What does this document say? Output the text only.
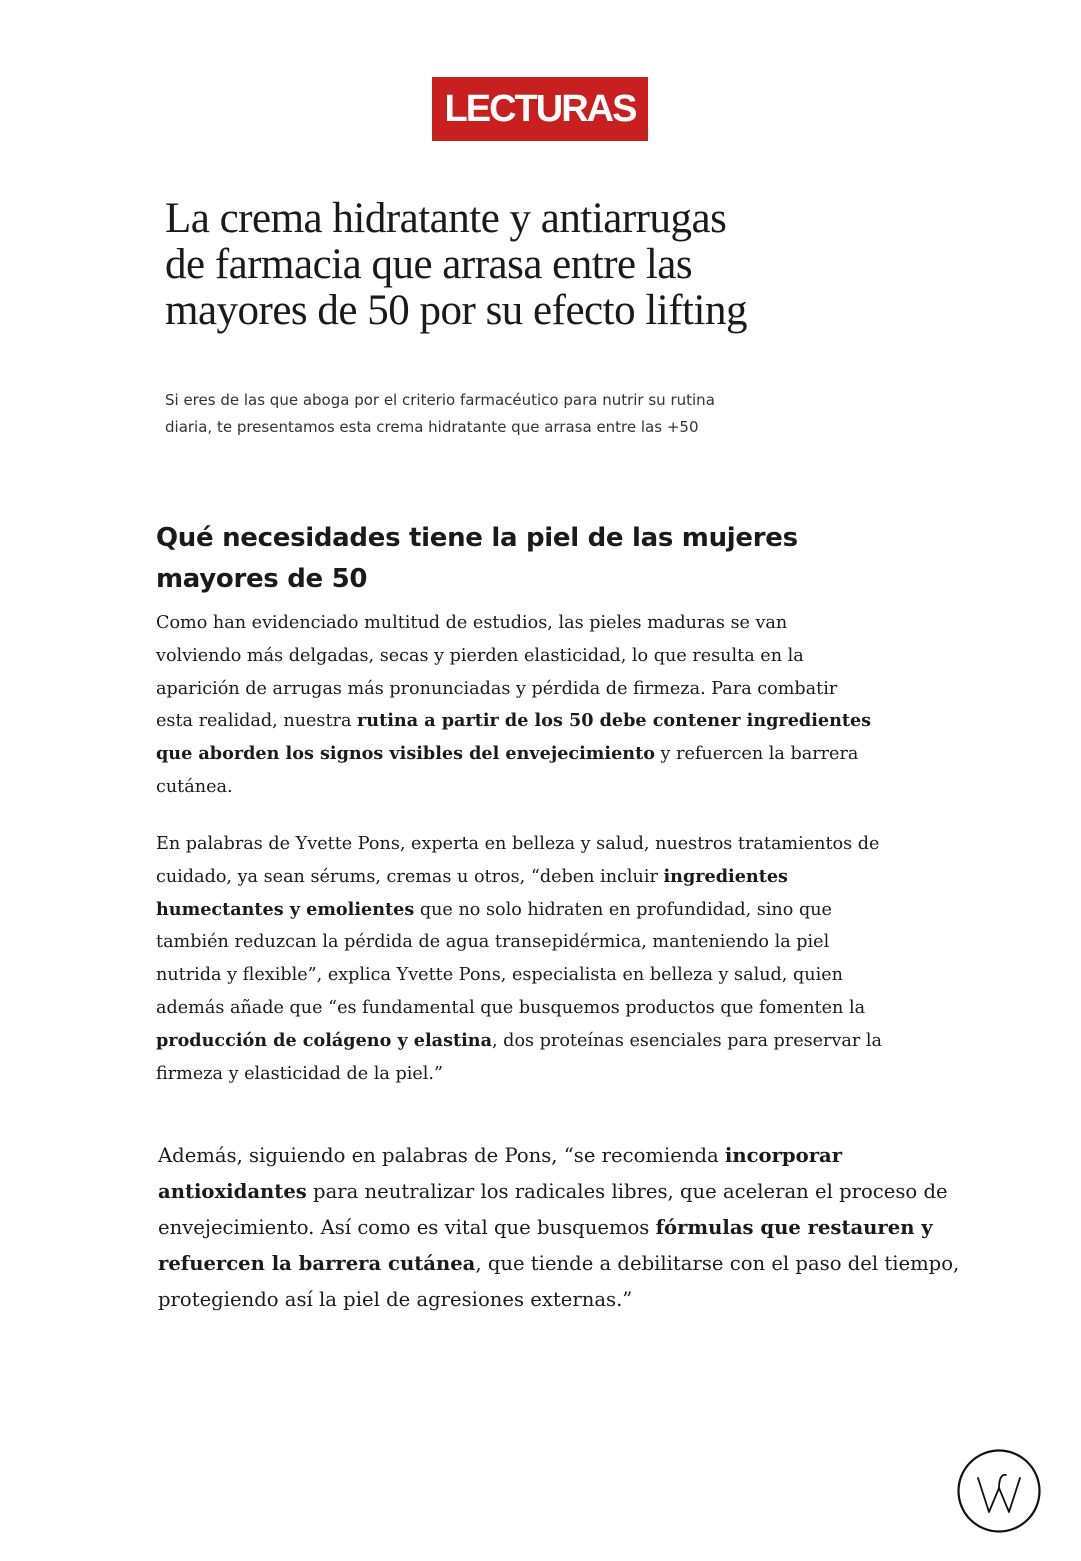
LECTURAS
La crema hidratante y antiarrugas de farmacia que arrasa entre las mayores de 50 por su efecto lifting

Si eres de las que aboga por el criterio farmacéutico para nutrir su rutina diaria, te presentamos esta crema hidratante que arrasa entre las +50

Qué necesidades tiene la piel de las mujeres mayores de 50

Como han evidenciado multitud de estudios, las pieles maduras se van volviendo más delgadas, secas y pierden elasticidad, lo que resulta en la aparición de arrugas más pronunciadas y pérdida de firmeza. Para combatir esta realidad, nuestra rutina a partir de los 50 debe contener ingredientes que aborden los signos visibles del envejecimiento y refuercen la barrera cutánea.

En palabras de Yvette Pons, experta en belleza y salud, nuestros tratamientos de cuidado, ya sean sérums, cremas u otros, “deben incluir ingredientes humectantes y emolientes que no solo hidraten en profundidad, sino que también reduzcan la pérdida de agua transepidérmica, manteniendo la piel nutrida y flexible”, explica Yvette Pons, especialista en belleza y salud, quien además añade que “es fundamental que busquemos productos que fomenten la producción de colágeno y elastina, dos proteínas esenciales para preservar la firmeza y elasticidad de la piel.”

Además, siguiendo en palabras de Pons, “se recomienda incorporar antioxidantes para neutralizar los radicales libres, que aceleran el proceso de envejecimiento. Así como es vital que busquemos fórmulas que restauren y refuercen la barrera cutánea, que tiende a debilitarse con el paso del tiempo, protegiendo así la piel de agresiones externas.”
